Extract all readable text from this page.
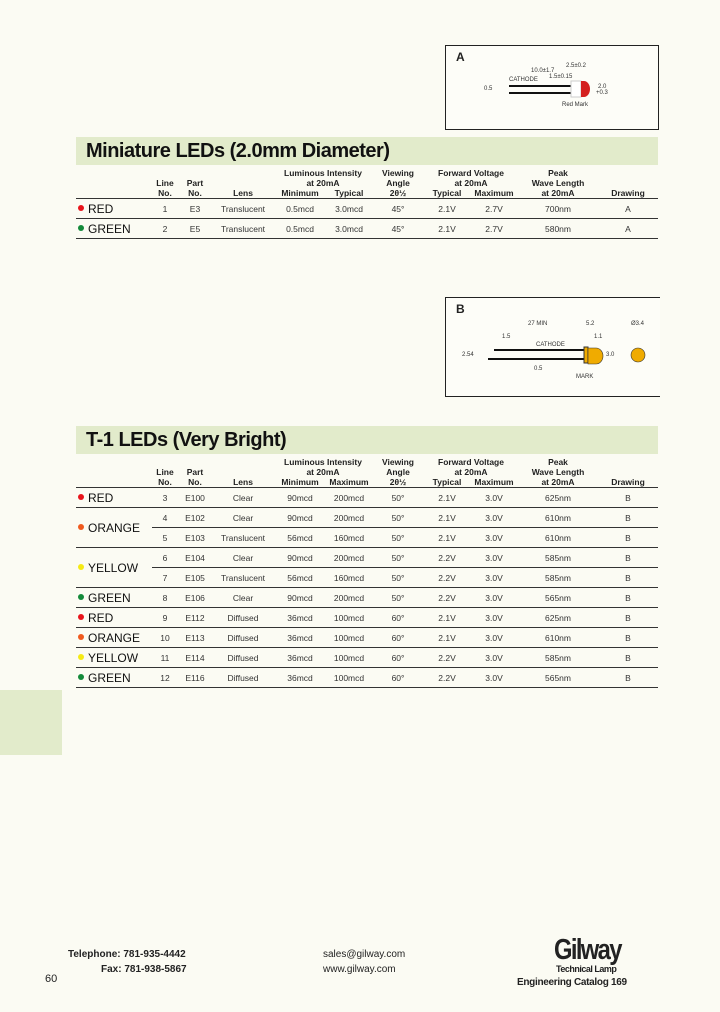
A
10.0±1.7
2.5±0.2
CATHODE 1.5±0.15
0.5	2.0
+0.3
Red Mark
Miniature LEDs (2.0mm Diameter)
				Luminous Intensity		Viewing	Forward Voltage		Peak	
	Line	Part		at 20mA		Angle	at 20mA		Wave Length	
	No.	No.	Lens	Minimum	Typical	2θ½	Typical	Maximum	at 20mA	Drawing
RED	1	E3	Translucent	0.5mcd	3.0mcd	45°	2.1V	2.7V	700nm	A
GREEN	2	E5	Translucent	0.5mcd	3.0mcd	45°	2.1V	2.7V	580nm	A
B
27 MIN	5.2
1.5	1.1
CATHODE
2.54	3.0
0.5
MARK
Ø3.4
T-1 LEDs (Very Bright)
				Luminous Intensity		Viewing	Forward Voltage		Peak	
	Line	Part		at 20mA		Angle	at 20mA		Wave Length	
	No.	No.	Lens	Minimum	Maximum	2θ½	Typical	Maximum	at 20mA	Drawing
RED	3	E100	Clear	90mcd	200mcd	50°	2.1V	3.0V	625nm	B
ORANGE	4	E102	Clear	90mcd	200mcd	50°	2.1V	3.0V	610nm	B
	5	E103	Translucent	56mcd	160mcd	50°	2.1V	3.0V	610nm	B
YELLOW	6	E104	Clear	90mcd	200mcd	50°	2.2V	3.0V	585nm	B
	7	E105	Translucent	56mcd	160mcd	50°	2.2V	3.0V	585nm	B
GREEN	8	E106	Clear	90mcd	200mcd	50°	2.2V	3.0V	565nm	B
RED	9	E112	Diffused	36mcd	100mcd	60°	2.1V	3.0V	625nm	B
ORANGE	10	E113	Diffused	36mcd	100mcd	60°	2.1V	3.0V	610nm	B
YELLOW	11	E114	Diffused	36mcd	100mcd	60°	2.2V	3.0V	585nm	B
GREEN	12	E116	Diffused	36mcd	100mcd	60°	2.2V	3.0V	565nm	B
Telephone: 781-935-4442
Fax: 781-938-5867
60
sales@gilway.com
www.gilway.com
Gilway
Technical Lamp
Engineering Catalog 169
